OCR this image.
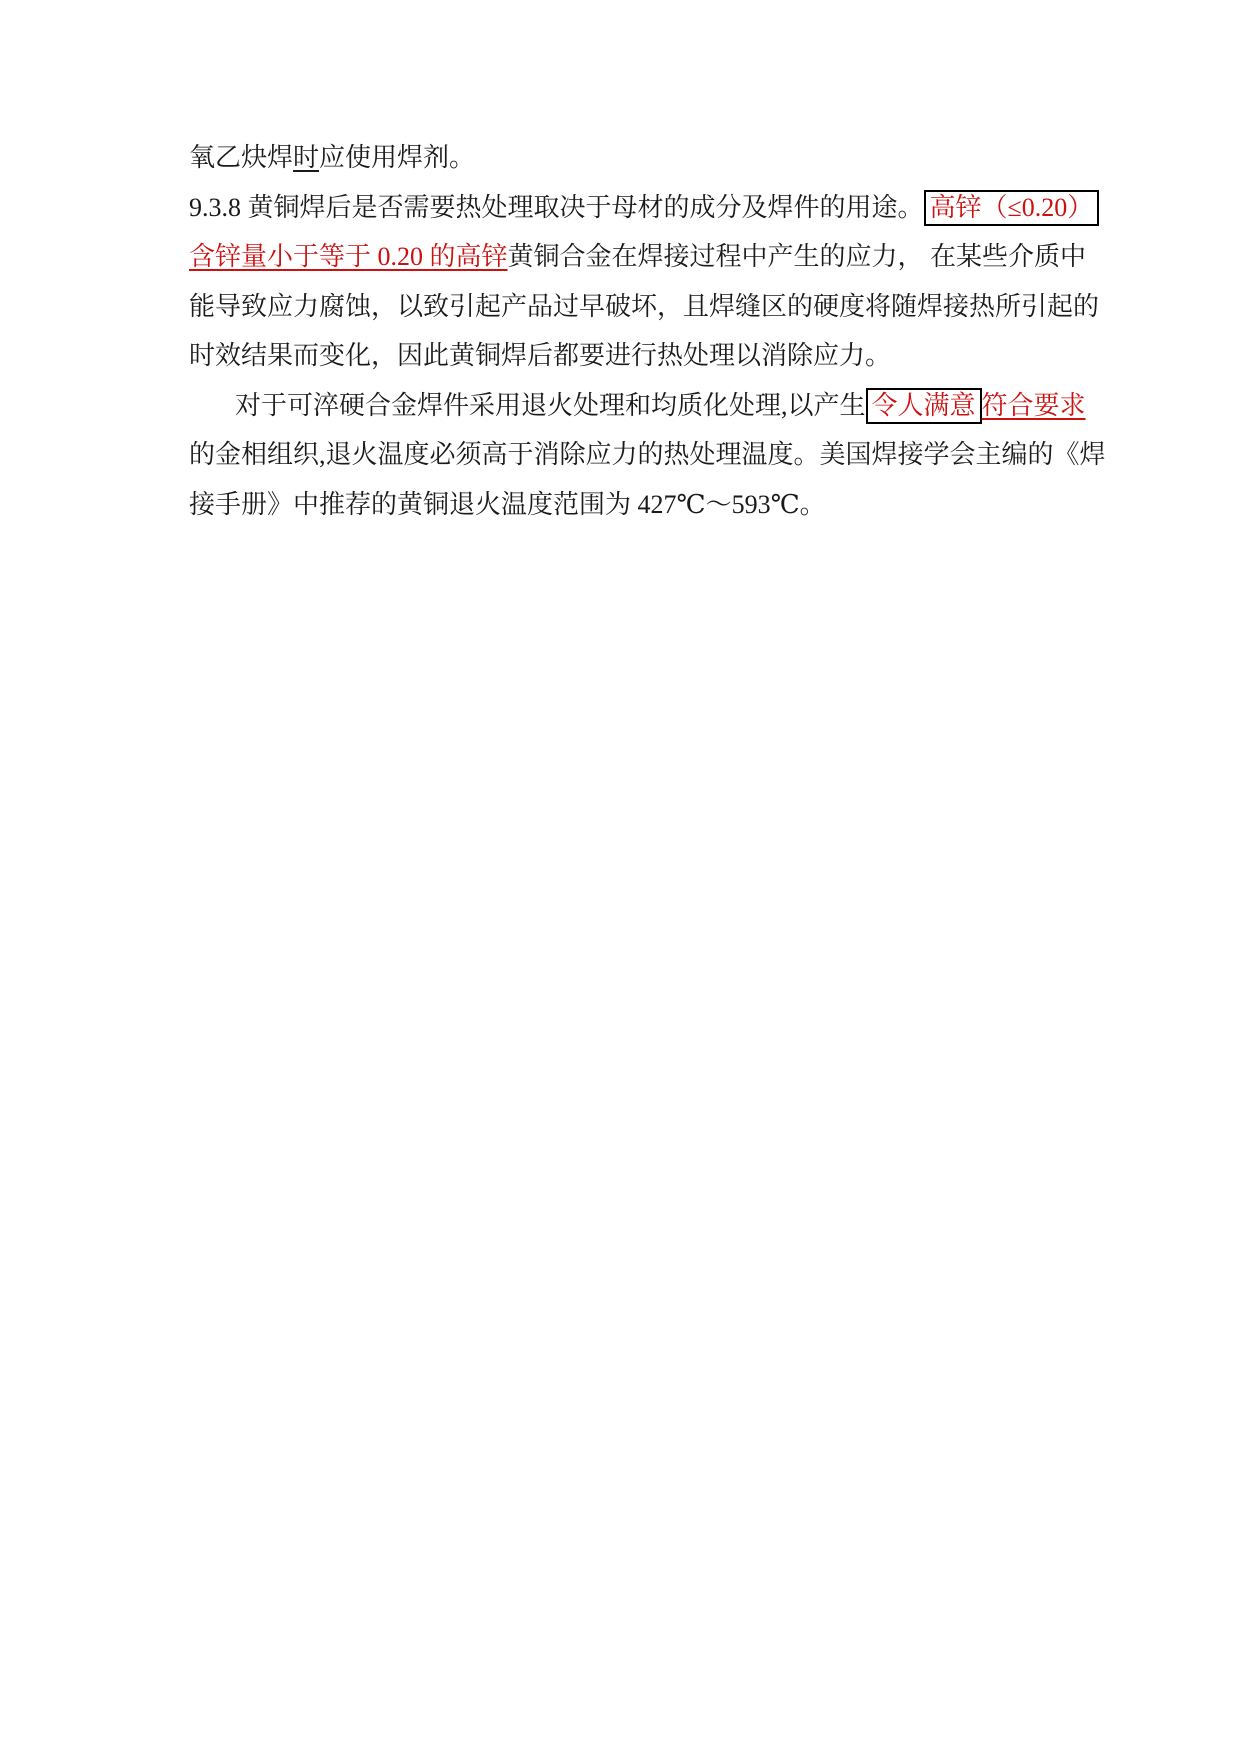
氧乙炔焊时应使用焊剂。
9.3.8 黄铜焊后是否需要热处理取决于母材的成分及焊件的用途。 高锌（≤0.20）
含锌量小于等于 0.20 的高锌黄铜合金在焊接过程中产生的应力， 在某些介质中
能导致应力腐蚀，以致引起产品过早破坏，且焊缝区的硬度将随焊接热所引起的
时效结果而变化，因此黄铜焊后都要进行热处理以消除应力。
对于可淬硬合金焊件采用退火处理和均质化处理,以产生 令人满意 符合要求
的金相组织,退火温度必须高于消除应力的热处理温度。美国焊接学会主编的《焊
接手册》中推荐的黄铜退火温度范围为 427℃～593℃。
